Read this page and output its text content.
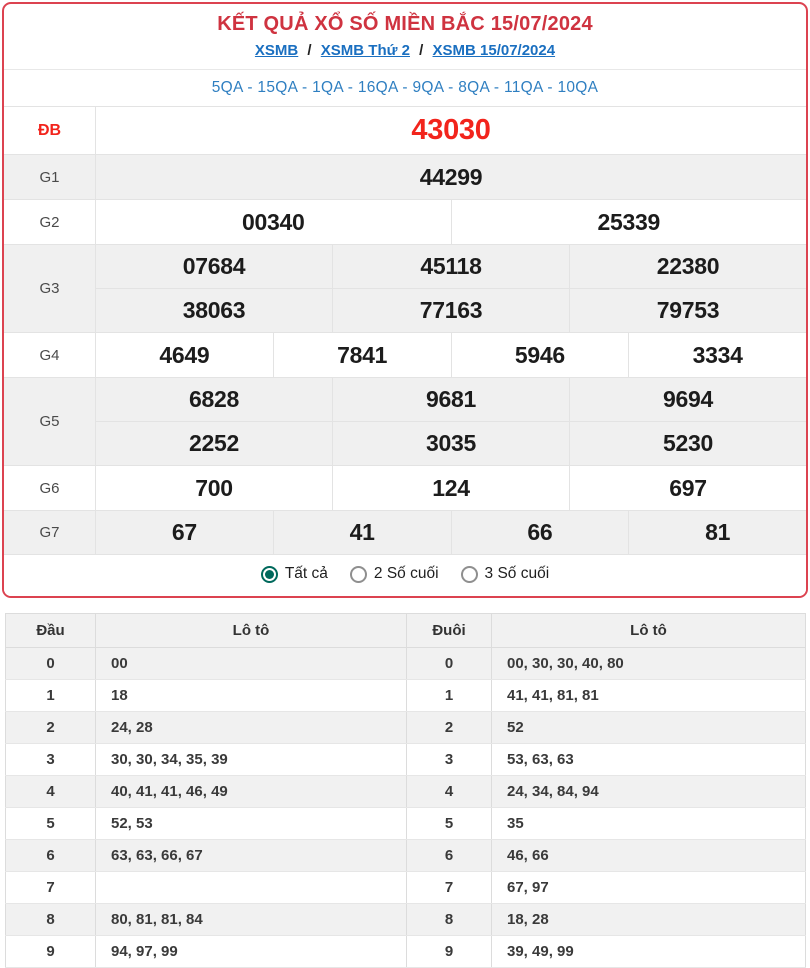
KẾT QUẢ XỔ SỐ MIỀN BẮC 15/07/2024
XSMB / XSMB Thứ 2 / XSMB 15/07/2024
5QA - 15QA - 1QA - 16QA - 9QA - 8QA - 11QA - 10QA
ĐB	43030
G1	44299
G2	00340	25339
G3
07684	45118	22380
38063	77163	79753
G4	4649	7841	5946	3334
G5
6828	9681	9694
2252	3035	5230
G6	700	124	697
G7	67	41	66	81
Tất cả	2 Số cuối	3 Số cuối
Đầu	Lô tô	Đuôi	Lô tô
0	00	0	00, 30, 30, 40, 80
1	18	1	41, 41, 81, 81
2	24, 28	2	52
3	30, 30, 34, 35, 39	3	53, 63, 63
4	40, 41, 41, 46, 49	4	24, 34, 84, 94
5	52, 53	5	35
6	63, 63, 66, 67	6	46, 66
7		7	67, 97
8	80, 81, 81, 84	8	18, 28
9	94, 97, 99	9	39, 49, 99
